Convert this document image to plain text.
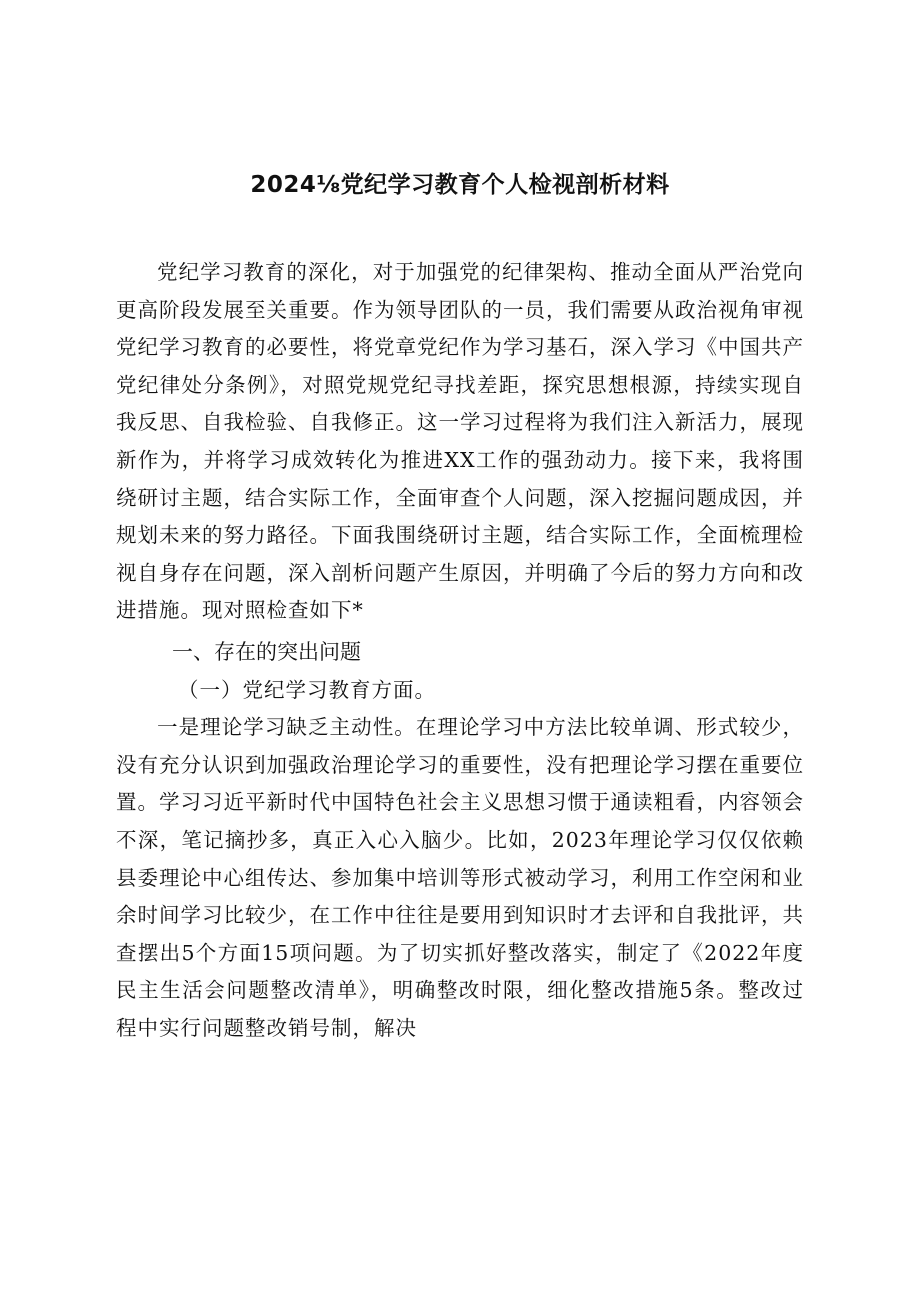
2024⅛党纪学习教育个人检视剖析材料

党纪学习教育的深化，对于加强党的纪律架构、推动全面从严治党向更高阶段发展至关重要。作为领导团队的一员，我们需要从政治视角审视党纪学习教育的必要性，将党章党纪作为学习基石，深入学习《中国共产党纪律处分条例》，对照党规党纪寻找差距，探究思想根源，持续实现自我反思、自我检验、自我修正。这一学习过程将为我们注入新活力，展现新作为，并将学习成效转化为推进XX工作的强劲动力。接下来，我将围绕研讨主题，结合实际工作，全面审查个人问题，深入挖掘问题成因，并规划未来的努力路径。下面我围绕研讨主题，结合实际工作，全面梳理检视自身存在问题，深入剖析问题产生原因，并明确了今后的努力方向和改进措施。现对照检查如下*

一、存在的突出问题
（一）党纪学习教育方面。

一是理论学习缺乏主动性。在理论学习中方法比较单调、形式较少，没有充分认识到加强政治理论学习的重要性，没有把理论学习摆在重要位置。学习习近平新时代中国特色社会主义思想习惯于通读粗看，内容领会不深，笔记摘抄多，真正入心入脑少。比如，2023年理论学习仅仅依赖县委理论中心组传达、参加集中培训等形式被动学习，利用工作空闲和业余时间学习比较少，在工作中往往是要用到知识时才去评和自我批评，共查摆出5个方面15项问题。为了切实抓好整改落实，制定了《2022年度民主生活会问题整改清单》，明确整改时限，细化整改措施5条。整改过程中实行问题整改销号制，解决
